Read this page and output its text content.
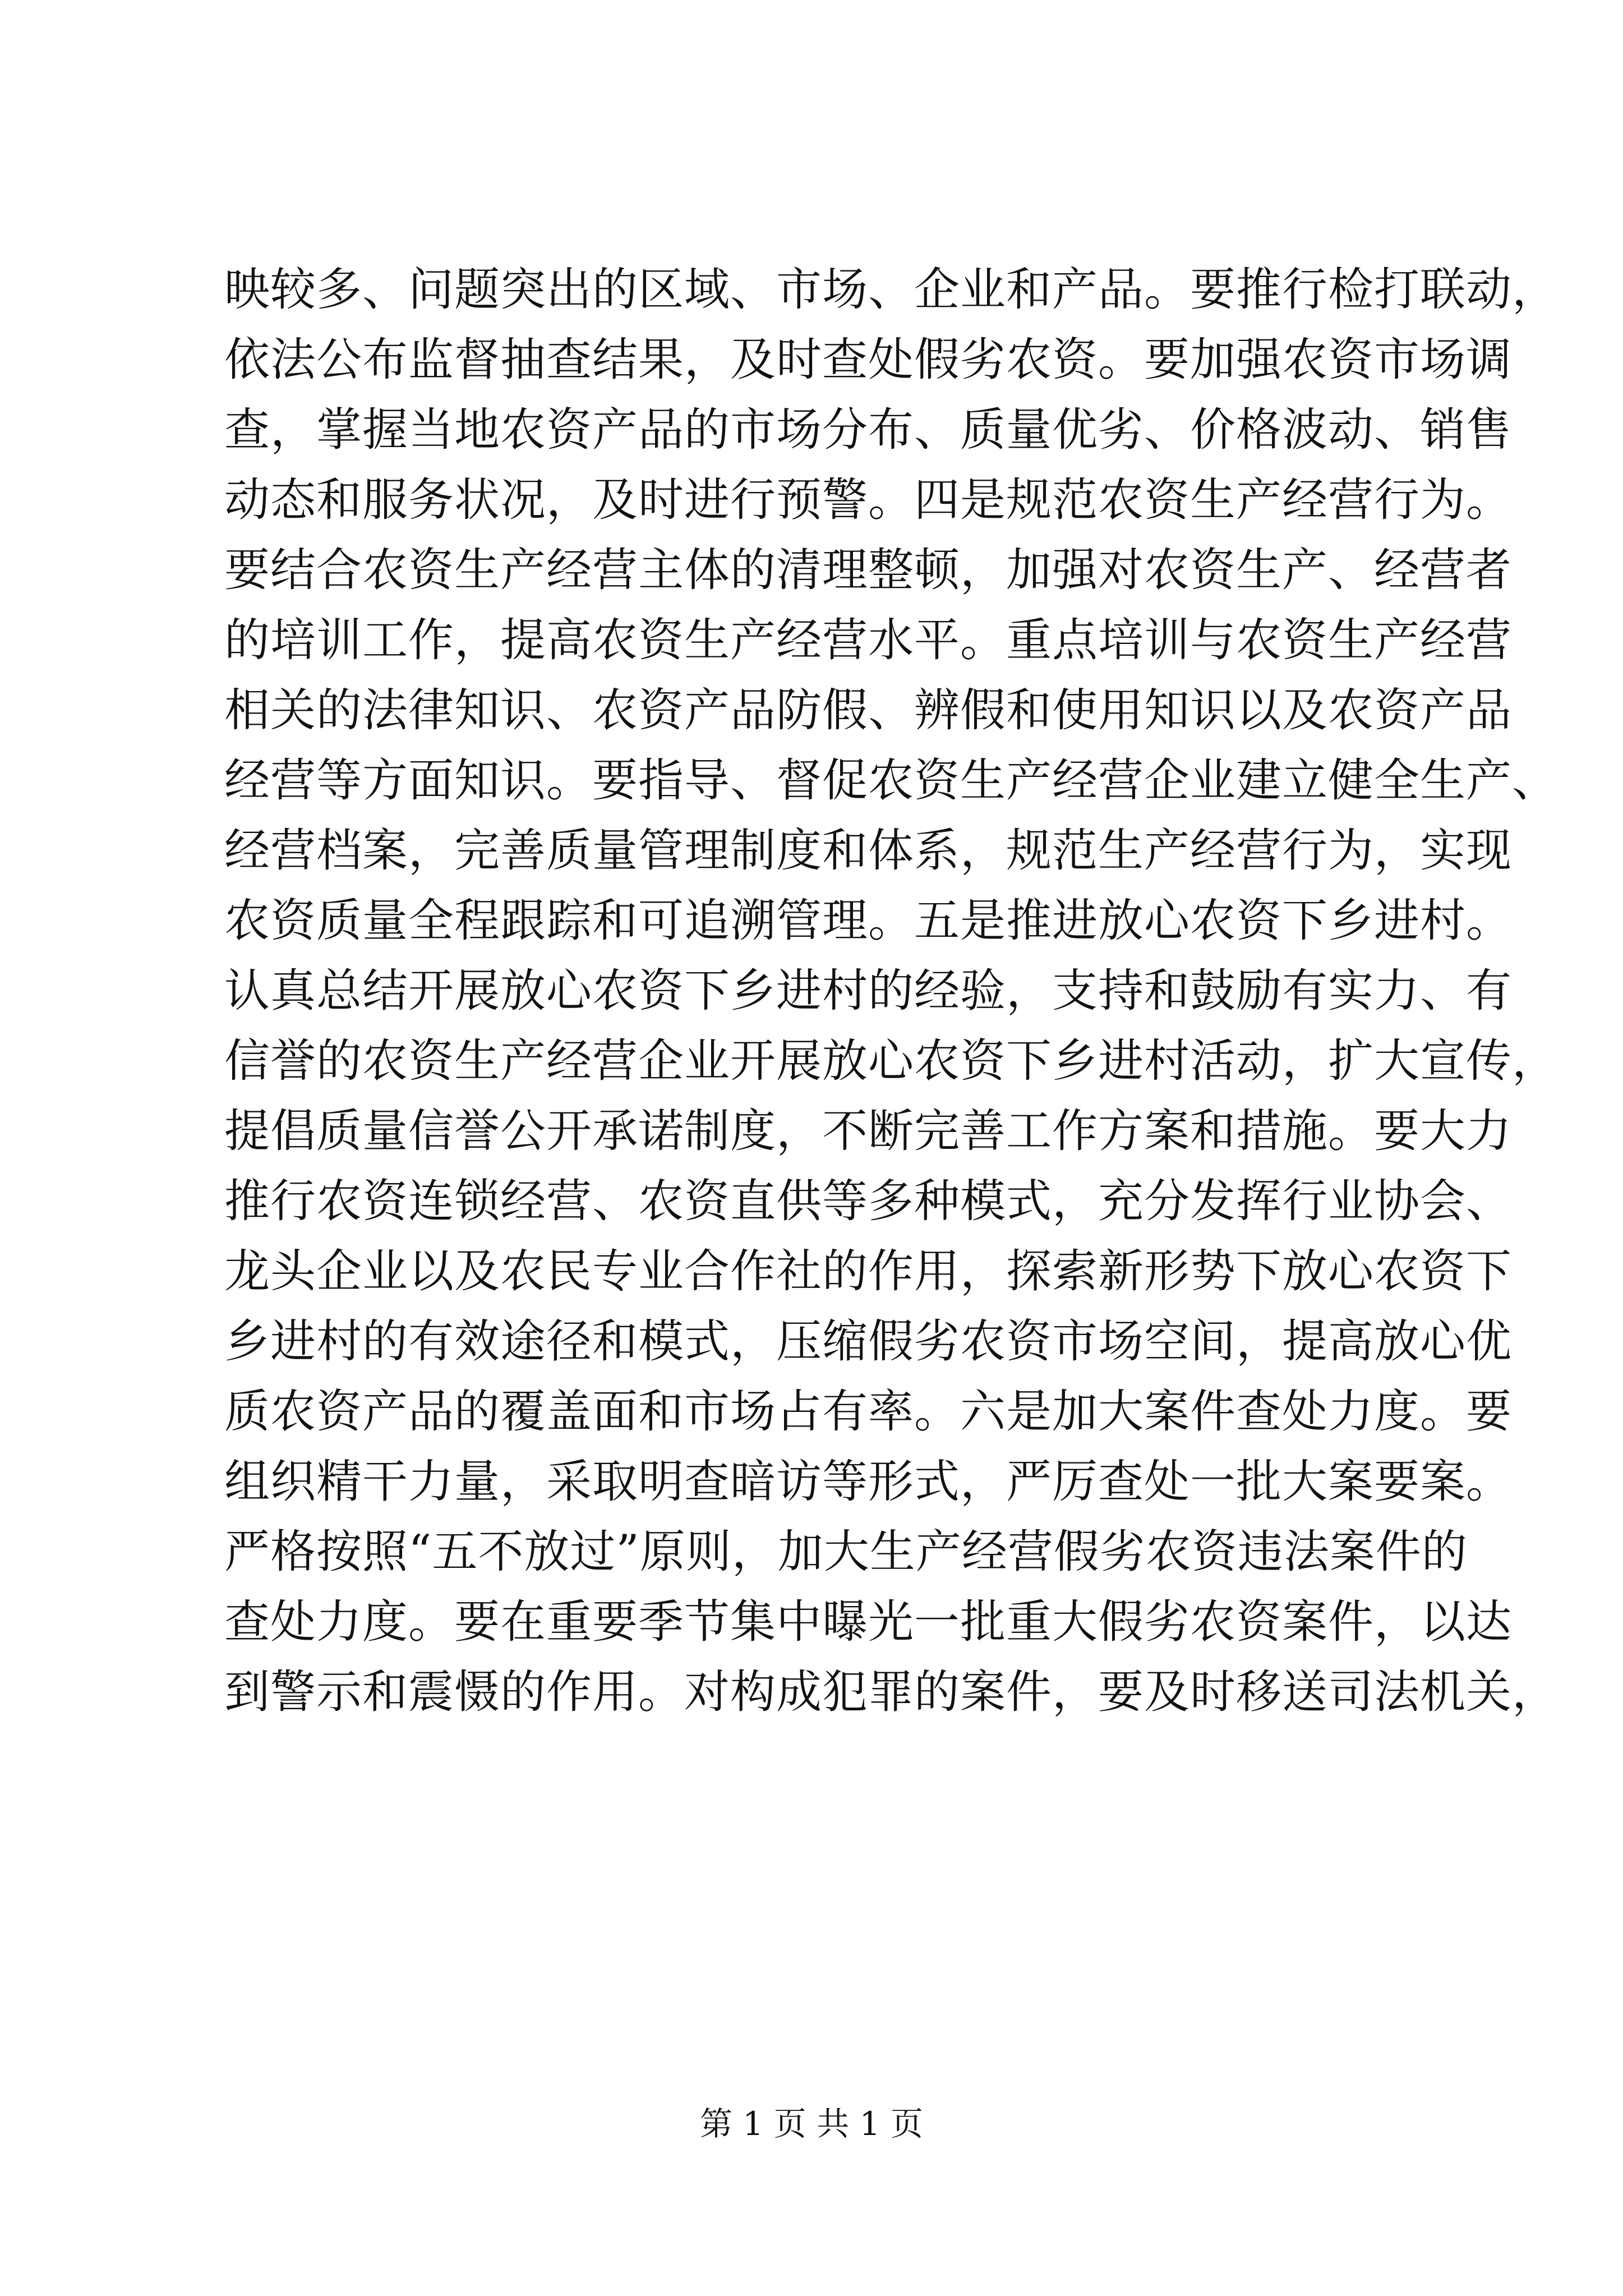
映较多、问题突出的区域、市场、企业和产品。要推行检打联动，
依法公布监督抽查结果，及时查处假劣农资。要加强农资市场调
查，掌握当地农资产品的市场分布、质量优劣、价格波动、销售
动态和服务状况，及时进行预警。四是规范农资生产经营行为。
要结合农资生产经营主体的清理整顿，加强对农资生产、经营者
的培训工作，提高农资生产经营水平。重点培训与农资生产经营
相关的法律知识、农资产品防假、辨假和使用知识以及农资产品
经营等方面知识。要指导、督促农资生产经营企业建立健全生产、
经营档案，完善质量管理制度和体系，规范生产经营行为，实现
农资质量全程跟踪和可追溯管理。五是推进放心农资下乡进村。
认真总结开展放心农资下乡进村的经验，支持和鼓励有实力、有
信誉的农资生产经营企业开展放心农资下乡进村活动，扩大宣传，
提倡质量信誉公开承诺制度，不断完善工作方案和措施。要大力
推行农资连锁经营、农资直供等多种模式，充分发挥行业协会、
龙头企业以及农民专业合作社的作用，探索新形势下放心农资下
乡进村的有效途径和模式，压缩假劣农资市场空间，提高放心优
质农资产品的覆盖面和市场占有率。六是加大案件查处力度。要
组织精干力量，采取明查暗访等形式，严厉查处一批大案要案。
严格按照“五不放过”原则，加大生产经营假劣农资违法案件的
查处力度。要在重要季节集中曝光一批重大假劣农资案件，以达
到警示和震慑的作用。对构成犯罪的案件，要及时移送司法机关，
第 1 页 共 1 页
